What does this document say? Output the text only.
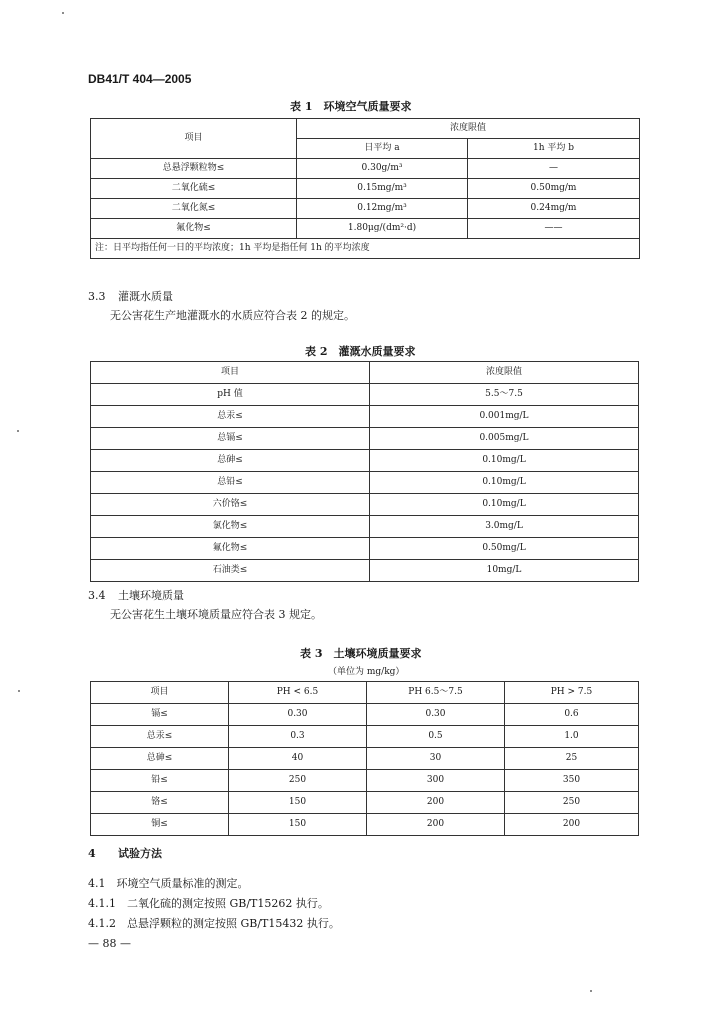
DB41/T 404—2005
表 1　环境空气质量要求
项目	浓度限值	
	日平均 a	1h 平均 b
总悬浮颗粒物≤	0.30g/m³	—
二氧化硫≤	0.15mg/m³	0.50mg/m
二氧化氮≤	0.12mg/m³	0.24mg/m
氟化物≤	1.80μg/(dm²·d)	——
注：日平均指任何一日的平均浓度；1h 平均是指任何 1h 的平均浓度		
3.3 灌溉水质量
无公害花生产地灌溉水的水质应符合表 2 的规定。
表 2　灌溉水质量要求
项目	浓度限值
pH 值	5.5～7.5
总汞≤	0.001mg/L
总镉≤	0.005mg/L
总砷≤	0.10mg/L
总铅≤	0.10mg/L
六价铬≤	0.10mg/L
氯化物≤	3.0mg/L
氟化物≤	0.50mg/L
石油类≤	10mg/L
3.4 土壤环境质量
无公害花生土壤环境质量应符合表 3 规定。
表 3　土壤环境质量要求
（单位为 mg/kg）
项目	PH < 6.5	PH 6.5～7.5	PH > 7.5
镉≤	0.30	0.30	0.6
总汞≤	0.3	0.5	1.0
总砷≤	40	30	25
铅≤	250	300	350
铬≤	150	200	250
铜≤	150	200	200
4 试验方法
4.1　环境空气质量标准的测定。
4.1.1　二氧化硫的测定按照 GB/T15262 执行。
4.1.2　总悬浮颗粒的测定按照 GB/T15432 执行。
— 88 —
